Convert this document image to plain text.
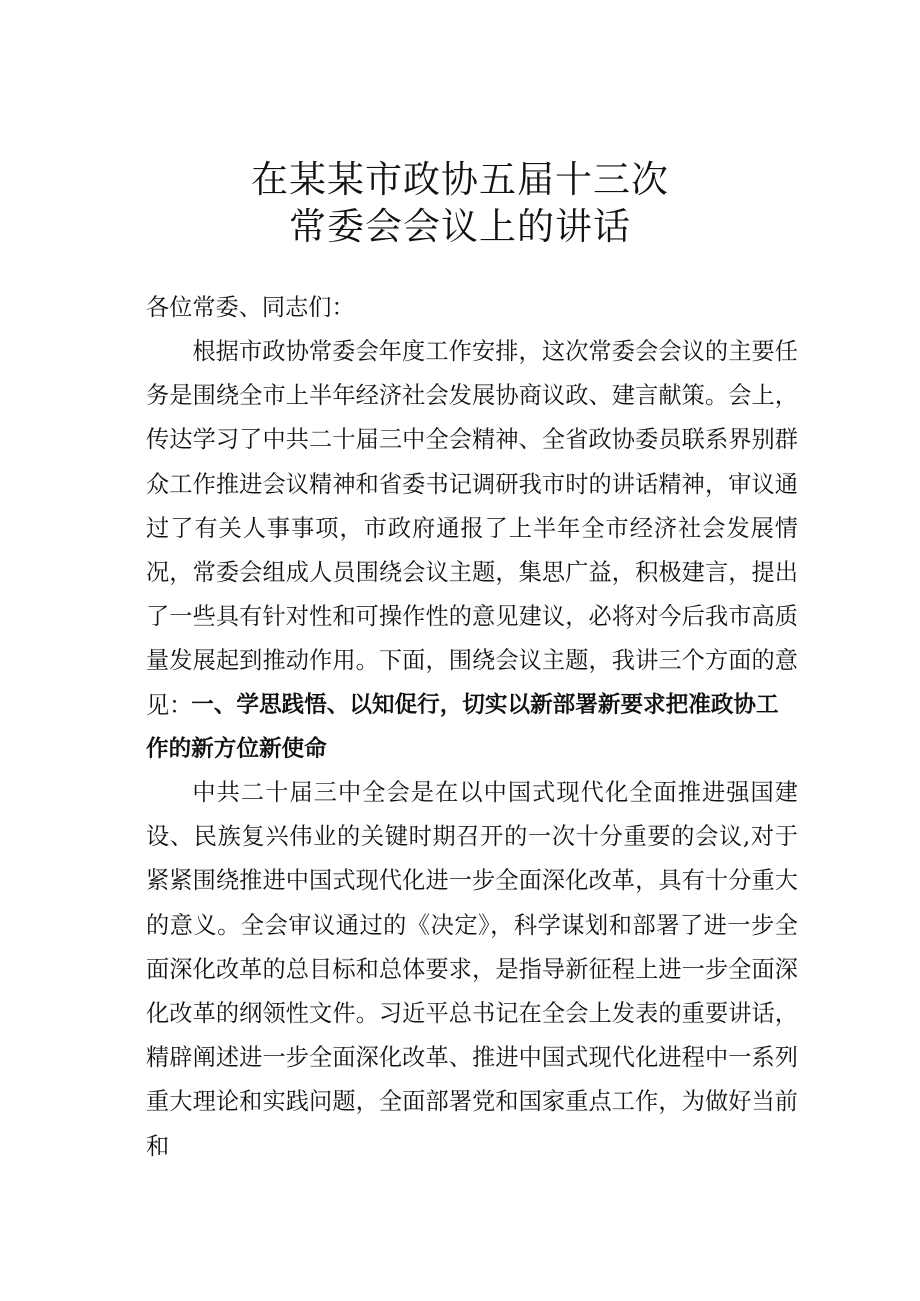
在某某市政协五届十三次
常委会会议上的讲话
各位常委、同志们：
根据市政协常委会年度工作安排，这次常委会会议的主要任务是围绕全市上半年经济社会发展协商议政、建言献策。会上，传达学习了中共二十届三中全会精神、全省政协委员联系界别群众工作推进会议精神和省委书记调研我市时的讲话精神，审议通过了有关人事事项，市政府通报了上半年全市经济社会发展情况，常委会组成人员围绕会议主题，集思广益，积极建言，提出了一些具有针对性和可操作性的意见建议，必将对今后我市高质量发展起到推动作用。下面，围绕会议主题，我讲三个方面的意见：
一、学思践悟、以知促行，切实以新部署新要求把准政协工作的新方位新使命
中共二十届三中全会是在以中国式现代化全面推进强国建设、民族复兴伟业的关键时期召开的一次十分重要的会议,对于紧紧围绕推进中国式现代化进一步全面深化改革，具有十分重大的意义。全会审议通过的《决定》，科学谋划和部署了进一步全面深化改革的总目标和总体要求，是指导新征程上进一步全面深化改革的纲领性文件。习近平总书记在全会上发表的重要讲话，精辟阐述进一步全面深化改革、推进中国式现代化进程中一系列重大理论和实践问题，全面部署党和国家重点工作，为做好当前和
